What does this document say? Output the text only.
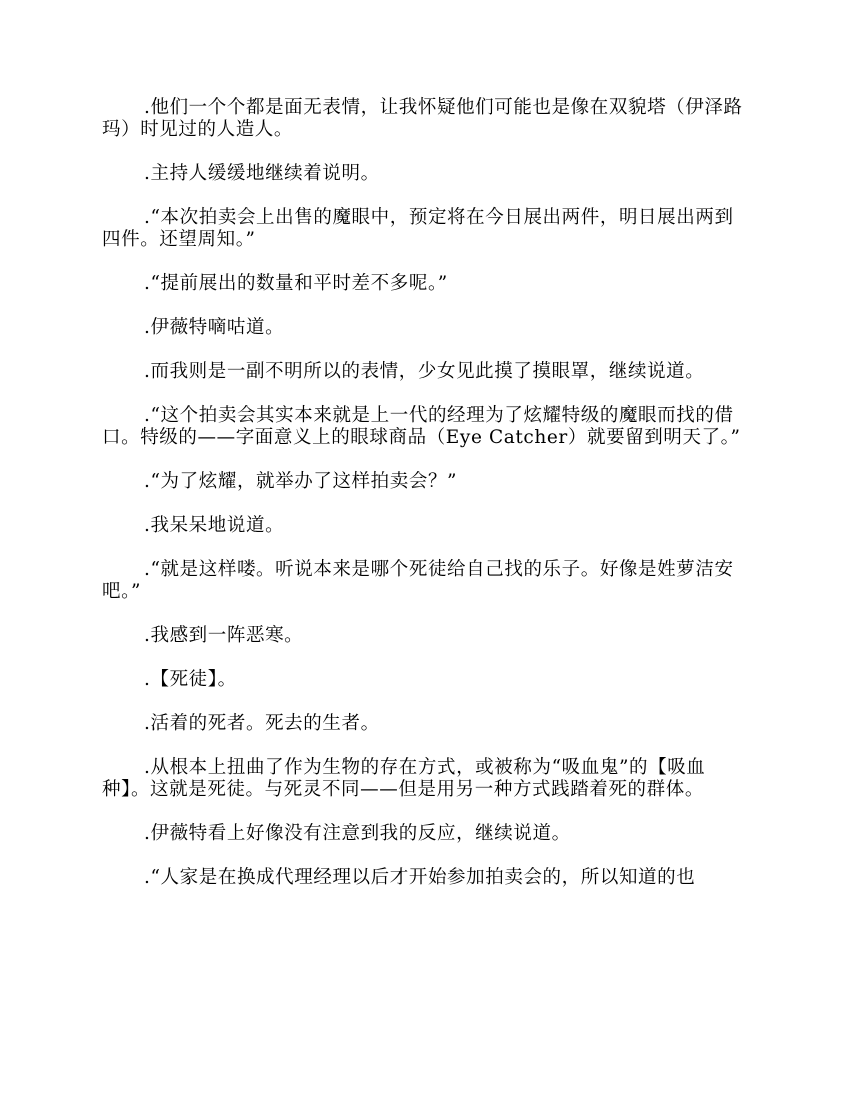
.他们一个个都是面无表情，让我怀疑他们可能也是像在双貌塔（伊泽路玛）时见过的人造人。

.主持人缓缓地继续着说明。

.“本次拍卖会上出售的魔眼中，预定将在今日展出两件，明日展出两到四件。还望周知。”

.“提前展出的数量和平时差不多呢。”

.伊薇特嘀咕道。

.而我则是一副不明所以的表情，少女见此摸了摸眼罩，继续说道。

.“这个拍卖会其实本来就是上一代的经理为了炫耀特级的魔眼而找的借口。特级的——字面意义上的眼球商品（Eye Catcher）就要留到明天了。”

.“为了炫耀，就举办了这样拍卖会？”

.我呆呆地说道。

.“就是这样喽。听说本来是哪个死徒给自己找的乐子。好像是姓萝洁安吧。”

.我感到一阵恶寒。

.【死徒】。

.活着的死者。死去的生者。

.从根本上扭曲了作为生物的存在方式，或被称为“吸血鬼”的【吸血种】。这就是死徒。与死灵不同——但是用另一种方式践踏着死的群体。

.伊薇特看上好像没有注意到我的反应，继续说道。

.“人家是在换成代理经理以后才开始参加拍卖会的，所以知道的也
